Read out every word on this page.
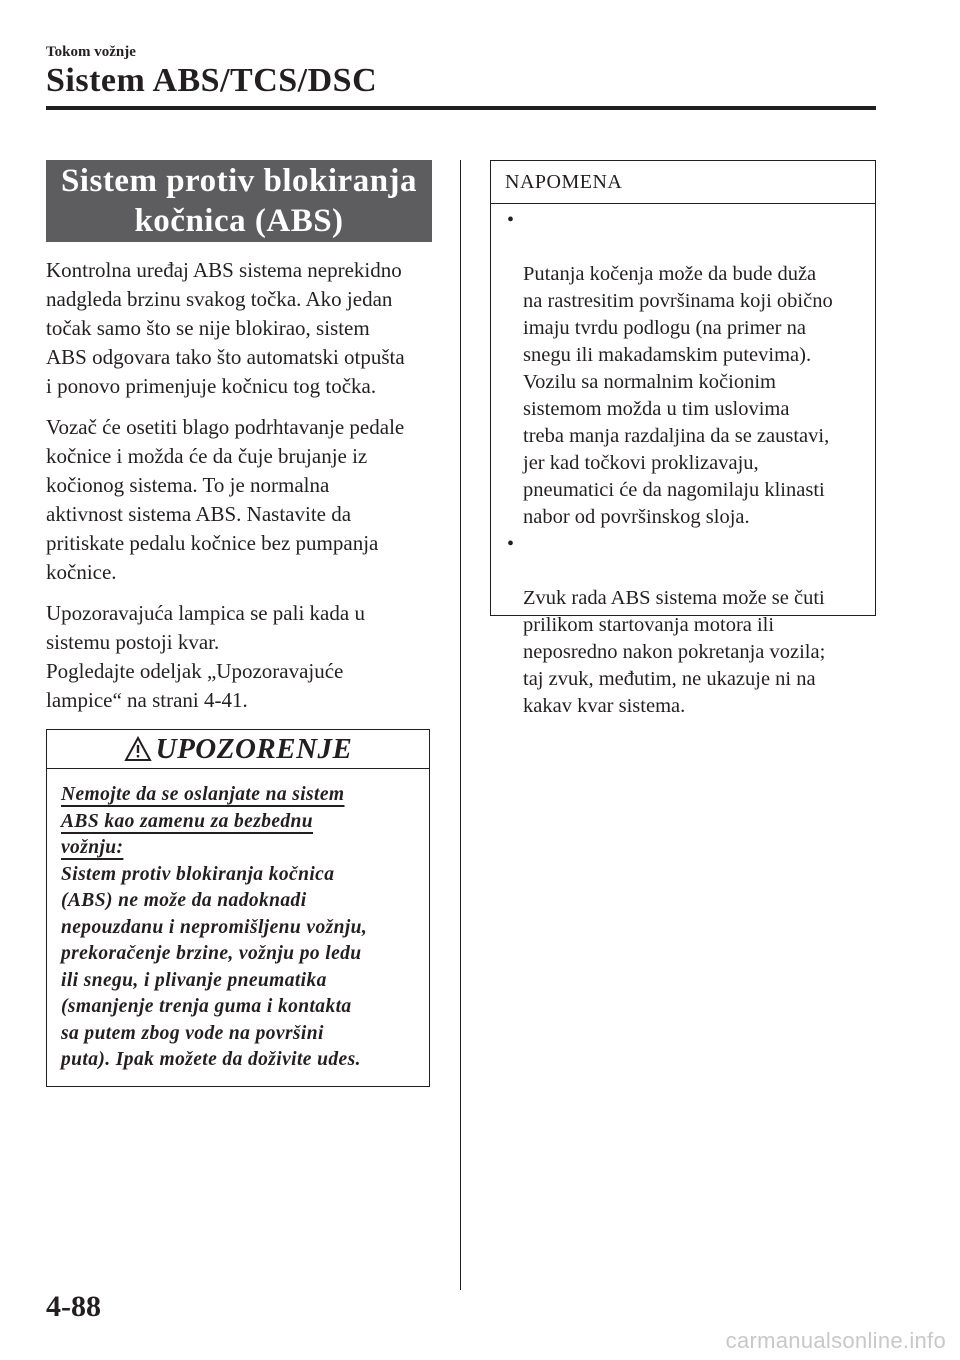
Tokom vožnje
Sistem ABS/TCS/DSC
Sistem protiv blokiranja kočnica (ABS)

Kontrolna uređaj ABS sistema neprekidno
nadgleda brzinu svakog točka. Ako jedan
točak samo što se nije blokirao, sistem
ABS odgovara tako što automatski otpušta
i ponovo primenjuje kočnicu tog točka.

Vozač će osetiti blago podrhtavanje pedale
kočnice i možda će da čuje brujanje iz
kočionog sistema. To je normalna
aktivnost sistema ABS. Nastavite da
pritiskate pedalu kočnice bez pumpanja
kočnice.

Upozoravajuća lampica se pali kada u
sistemu postoji kvar.
Pogledajte odeljak „Upozoravajuće
lampice“ na strani 4-41.

UPOZORENJE
Nemojte da se oslanjate na sistem
ABS kao zamenu za bezbednu
vožnju:
Sistem protiv blokiranja kočnica
(ABS) ne može da nadoknadi
nepouzdanu i nepromišljenu vožnju,
prekoračenje brzine, vožnju po ledu
ili snegu, i plivanje pneumatika
(smanjenje trenja guma i kontakta
sa putem zbog vode na površini
puta). Ipak možete da doživite udes.
NAPOMENA

•

Putanja kočenja može da bude duža
na rastresitim površinama koji obično
imaju tvrdu podlogu (na primer na
snegu ili makadamskim putevima).
Vozilu sa normalnim kočionim
sistemom možda u tim uslovima
treba manja razdaljina da se zaustavi,
jer kad točkovi proklizavaju,
pneumatici će da nagomilaju klinasti
nabor od površinskog sloja.

•

Zvuk rada ABS sistema može se čuti
prilikom startovanja motora ili
neposredno nakon pokretanja vozila;
taj zvuk, međutim, ne ukazuje ni na
kakav kvar sistema.

4-88
carmanualsonline.info
